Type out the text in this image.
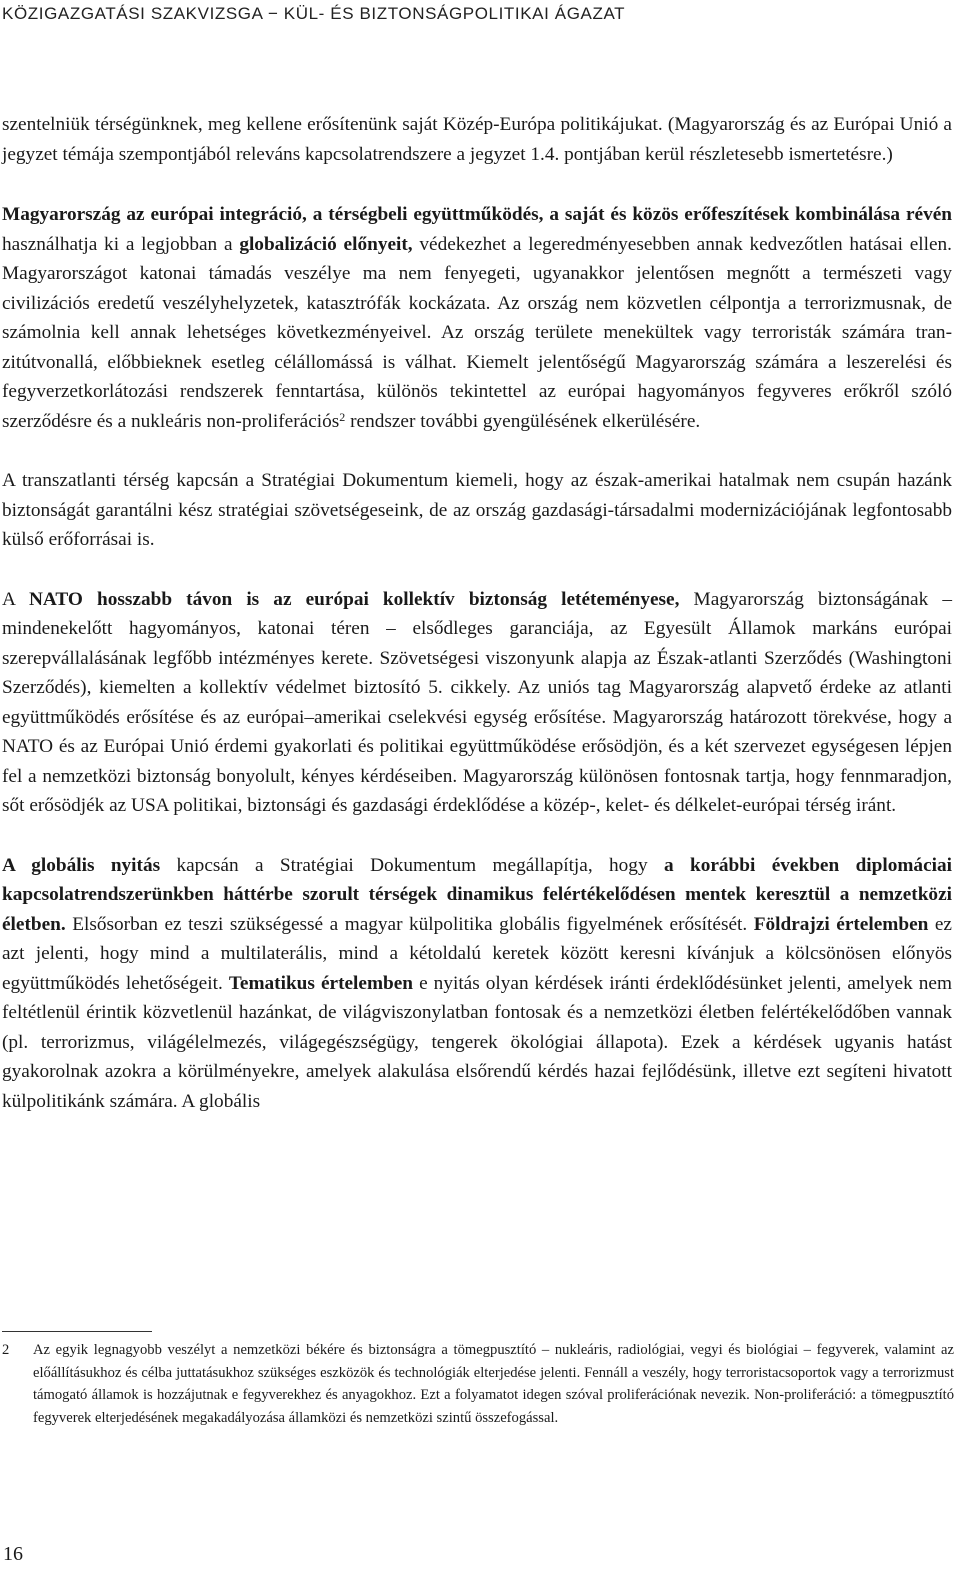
KÖZIGAZGATÁSI SZAKVIZSGA − KÜL- ÉS BIZTONSÁGPOLITIKAI ÁGAZAT

szentelniük térségünknek, meg kellene erősítenünk saját Közép-Európa politikájukat. (Magyarország és az Európai Unió a jegyzet témája szempontjából releváns kapcsolatrendszere a jegyzet 1.4. pontjában kerül részletesebb ismertetésre.)

Magyarország az európai integráció, a térségbeli együttműködés, a saját és közös erőfeszítések kombinálása révén használhatja ki a legjobban a globalizáció előnyeit, védekezhet a legeredményesebben annak kedvezőtlen hatásai ellen. Magyarországot katonai támadás veszélye ma nem fenyegeti, ugyanakkor jelentősen megnőtt a természeti vagy civilizációs eredetű veszélyhelyzetek, katasztrófák kockázata. Az ország nem közvetlen célpontja a terrorizmusnak, de számolnia kell annak lehetséges következményeivel. Az ország területe menekültek vagy terroristák számára tranzitútvonallá, előbbieknek esetleg célállomássá is válhat. Kiemelt jelentőségű Magyarország számára a leszerelési és fegyverzetkorlátozási rendszerek fenntartása, különös tekintettel az európai hagyományos fegyveres erőkről szóló szerződésre és a nukleáris non-proliferációs$^2$ rendszer további gyengülésének elkerülésére.

A transzatlanti térség kapcsán a Stratégiai Dokumentum kiemeli, hogy az észak-amerikai hatalmak nem csupán hazánk biztonságát garantálni kész stratégiai szövetségeseink, de az ország gazdasági-társadalmi modernizációjának legfontosabb külső erőforrásai is.

A NATO hosszabb távon is az európai kollektív biztonság letéteményese, Magyarország biztonságának – mindenekelőtt hagyományos, katonai téren – elsődleges garanciája, az Egyesült Államok markáns európai szerepvállalásának legfőbb intézményes kerete. Szövetségesi viszonyunk alapja az Észak-atlanti Szerződés (Washingtoni Szerződés), kiemelten a kollektív védelmet biztosító 5. cikkely. Az uniós tag Magyarország alapvető érdeke az atlanti együttműködés erősítése és az európai–amerikai cselekvési egység erősítése. Magyarország határozott törekvése, hogy a NATO és az Európai Unió érdemi gyakorlati és politikai együttműködése erősödjön, és a két szervezet egységesen lépjen fel a nemzetközi biztonság bonyolult, kényes kérdéseiben. Magyarország különösen fontosnak tartja, hogy fennmaradjon, sőt erősödjék az USA politikai, biztonsági és gazdasági érdeklődése a közép-, kelet- és délkelet-európai térség iránt.

A globális nyitás kapcsán a Stratégiai Dokumentum megállapítja, hogy a korábbi években diplomáciai kapcsolatrendszerünkben háttérbe szorult térségek dinamikus felértékelődésen mentek keresztül a nemzetközi életben. Elsősorban ez teszi szükségessé a magyar külpolitika globális figyelmének erősítését. Földrajzi értelemben ez azt jelenti, hogy mind a multilaterális, mind a kétoldalú keretek között keresni kívánjuk a kölcsönösen előnyös együttműködés lehetőségeit. Tematikus értelemben e nyitás olyan kérdések iránti érdeklődésünket jelenti, amelyek nem feltétlenül érintik közvetlenül hazánkat, de világviszonylatban fontosak és a nemzetközi életben felértékelődőben vannak (pl. terrorizmus, világélelmezés, világegészségügy, tengerek ökológiai állapota). Ezek a kérdések ugyanis hatást gyakorolnak azokra a körülményekre, amelyek alakulása elsőrendű kérdés hazai fejlődésünk, illetve ezt segíteni hivatott külpolitikánk számára. A globális

2 Az egyik legnagyobb veszélyt a nemzetközi békére és biztonságra a tömegpusztító – nukleáris, radiológiai, vegyi és biológiai – fegyverek, valamint az előállításukhoz és célba juttatásukhoz szükséges eszközök és technológiák elterjedése jelenti. Fennáll a veszély, hogy terroristacsoportok vagy a terrorizmust támogató államok is hozzájutnak e fegyverekhez és anyagokhoz. Ezt a folyamatot idegen szóval proliferációnak nevezik. Non-proliferáció: a tömegpusztító fegyverek elterjedésének megakadályozása államközi és nemzetközi szintű összefogással.
16
